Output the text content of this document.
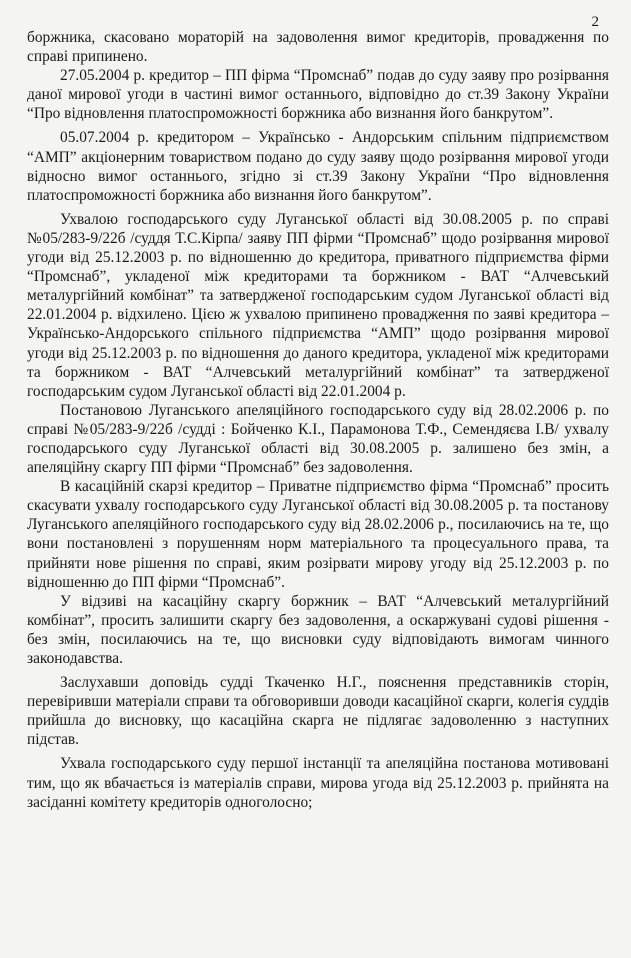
2

боржника, скасовано мораторій на задоволення вимог кредиторів, провадження по справі припинено.

27.05.2004 р. кредитор – ПП фірма “Промснаб” подав до суду заяву про розірвання даної мирової угоди в частині вимог останнього, відповідно до ст.39 Закону України “Про відновлення платоспроможності боржника або визнання його банкрутом”.

05.07.2004 р. кредитором – Українсько - Андорським спільним підприємством “АМП” акціонерним товариством подано до суду заяву щодо розірвання мирової угоди відносно вимог останнього, згідно зі ст.39 Закону України “Про відновлення платоспроможності боржника або визнання його банкрутом”.

Ухвалою господарського суду Луганської області від 30.08.2005 р. по справі №05/283-9/22б /суддя Т.С.Кірпа/ заяву ПП фірми “Промснаб” щодо розірвання мирової угоди від 25.12.2003 р. по відношенню до кредитора, приватного підприємства фірми “Промснаб”, укладеної між кредиторами та боржником - ВАТ “Алчевський металургійний комбінат” та затвердженої господарським судом Луганської області від 22.01.2004 р. відхилено. Цією ж ухвалою припинено провадження по заяві кредитора – Українсько-Андорського спільного підприємства “АМП” щодо розірвання мирової угоди від 25.12.2003 р. по відношення до даного кредитора, укладеної між кредиторами та боржником - ВАТ “Алчевський металургійний комбінат” та затвердженої господарським судом Луганської області від 22.01.2004 р.

Постановою Луганського апеляційного господарського суду від 28.02.2006 р. по справі №05/283-9/22б /судді : Бойченко К.І., Парамонова Т.Ф., Семендяєва І.В/ ухвалу господарського суду Луганської області від 30.08.2005 р. залишено без змін, а апеляційну скаргу ПП фірми “Промснаб” без задоволення.

В касаційній скарзі кредитор – Приватне підприємство фірма “Промснаб” просить скасувати ухвалу господарського суду Луганської області від 30.08.2005 р. та постанову Луганського апеляційного господарського суду від 28.02.2006 р., посилаючись на те, що вони постановлені з порушенням норм матеріального та процесуального права, та прийняти нове рішення по справі, яким розірвати мирову угоду від 25.12.2003 р. по відношенню до ПП фірми “Промснаб”.

У відзиві на касаційну скаргу боржник – ВАТ “Алчевський металургійний комбінат”, просить залишити скаргу без задоволення, а оскаржувані судові рішення - без змін, посилаючись на те, що висновки суду відповідають вимогам чинного законодавства.

Заслухавши доповідь судді Ткаченко Н.Г., пояснення представників сторін, перевіривши матеріали справи та обговоривши доводи касаційної скарги, колегія суддів прийшла до висновку, що касаційна скарга не підлягає задоволенню з наступних підстав.

Ухвала господарського суду першої інстанції та апеляційна постанова мотивовані тим, що як вбачається із матеріалів справи, мирова угода від 25.12.2003 р. прийнята на засіданні комітету кредиторів одноголосно;
